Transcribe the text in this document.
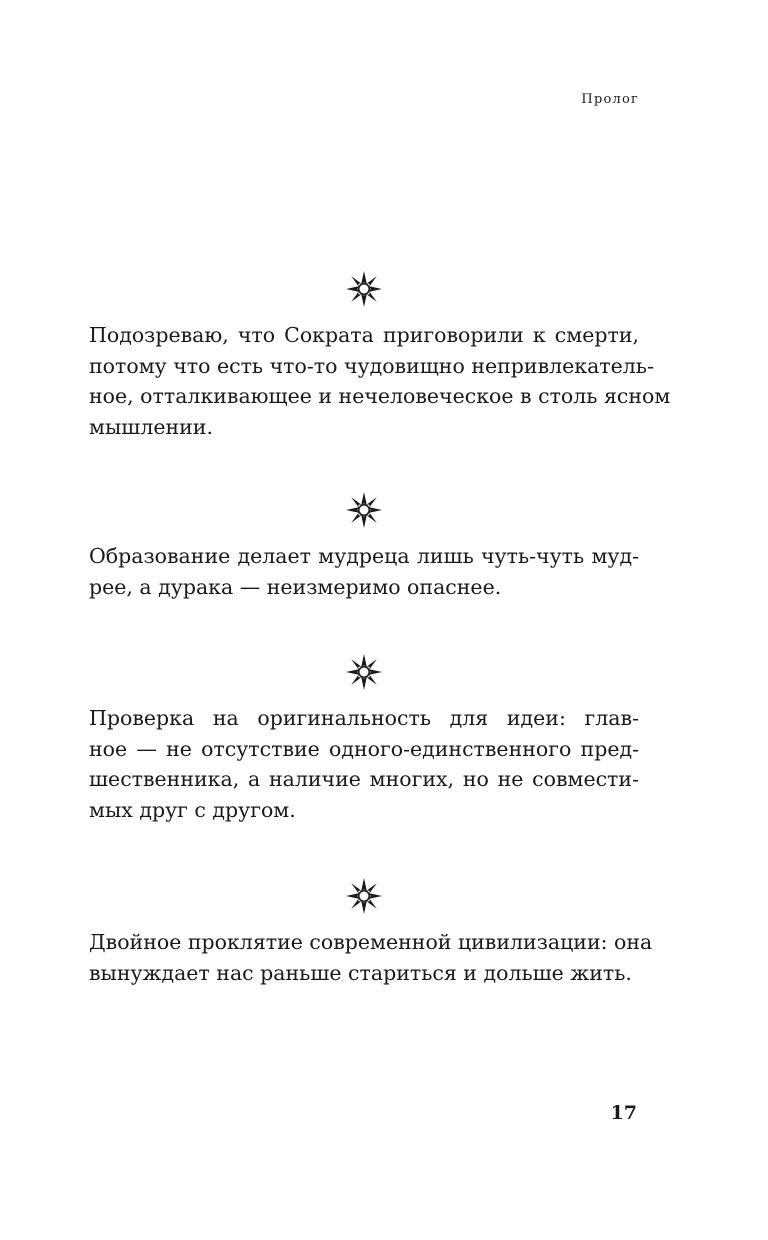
Пролог
Подозреваю, что Сократа приговорили к смерти,
потому что есть что-то чудовищно непривлекатель-
ное, отталкивающее и нечеловеческое в столь ясном
мышлении.
Образование делает мудреца лишь чуть-чуть муд-
рее, а дурака — неизмеримо опаснее.
Проверка на оригинальность для идеи: глав-
ное — не отсутствие одного-единственного пред-
шественника, а наличие многих, но не совмести-
мых друг с другом.
Двойное проклятие современной цивилизации: она
вынуждает нас раньше стариться и дольше жить.
17
